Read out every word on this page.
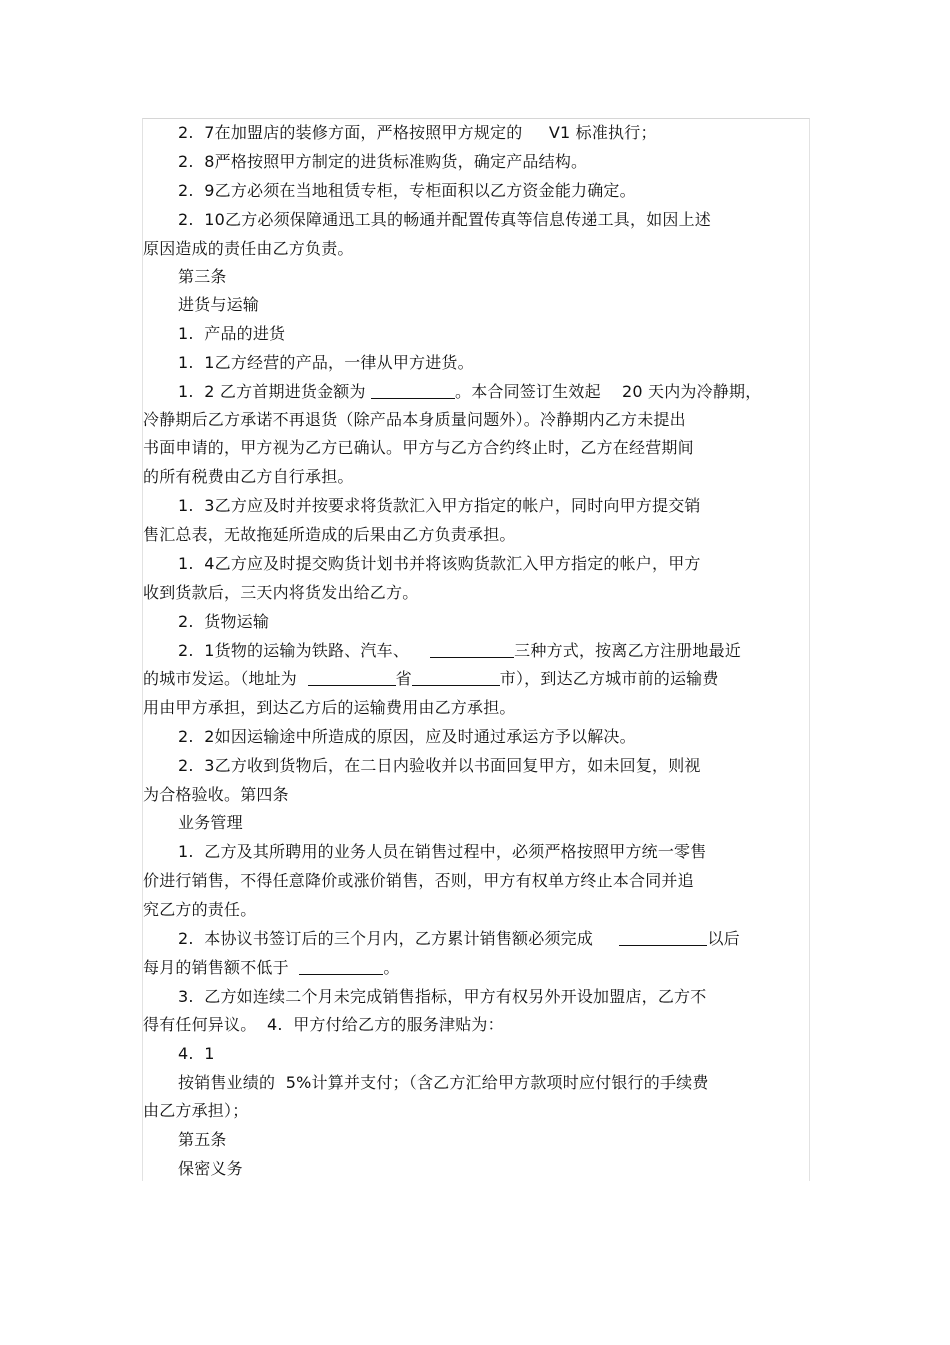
2.  7在加盟店的装修方面，严格按照甲方规定的     V1 标准执行；
2.  8严格按照甲方制定的进货标准购货，确定产品结构。
2.  9乙方必须在当地租赁专柜，专柜面积以乙方资金能力确定。
2.  10乙方必须保障通迅工具的畅通并配置传真等信息传递工具，如因上述
原因造成的责任由乙方负责。
第三条
进货与运输
1.  产品的进货
1.  1乙方经营的产品，一律从甲方进货。
1.  2 乙方首期进货金额为	。本合同签订生效起    20 天内为冷静期，
冷静期后乙方承诺不再退货（除产品本身质量问题外）。冷静期内乙方未提出
书面申请的，甲方视为乙方已确认。甲方与乙方合约终止时，乙方在经营期间
的所有税费由乙方自行承担。
1.  3乙方应及时并按要求将货款汇入甲方指定的帐户，同时向甲方提交销
售汇总表，无故拖延所造成的后果由乙方负责承担。
1.  4乙方应及时提交购货计划书并将该购货款汇入甲方指定的帐户，甲方
收到货款后，三天内将货发出给乙方。
2.  货物运输
2.  1货物的运输为铁路、汽车、	三种方式，按离乙方注册地最近
的城市发运。（地址为	省	市），到达乙方城市前的运输费
用由甲方承担，到达乙方后的运输费用由乙方承担。
2.  2如因运输途中所造成的原因，应及时通过承运方予以解决。
2.  3乙方收到货物后，在二日内验收并以书面回复甲方，如未回复，则视
为合格验收。第四条
业务管理
1.  乙方及其所聘用的业务人员在销售过程中，必须严格按照甲方统一零售
价进行销售，不得任意降价或涨价销售，否则，甲方有权单方终止本合同并追
究乙方的责任。
2.  本协议书签订后的三个月内，乙方累计销售额必须完成	以后
每月的销售额不低于	。
3.  乙方如连续二个月未完成销售指标，甲方有权另外开设加盟店，乙方不
得有任何异议。  4.  甲方付给乙方的服务津贴为：
4.  1
按销售业绩的  5%计算并支付；（含乙方汇给甲方款项时应付银行的手续费
由乙方承担）；
第五条
保密义务
